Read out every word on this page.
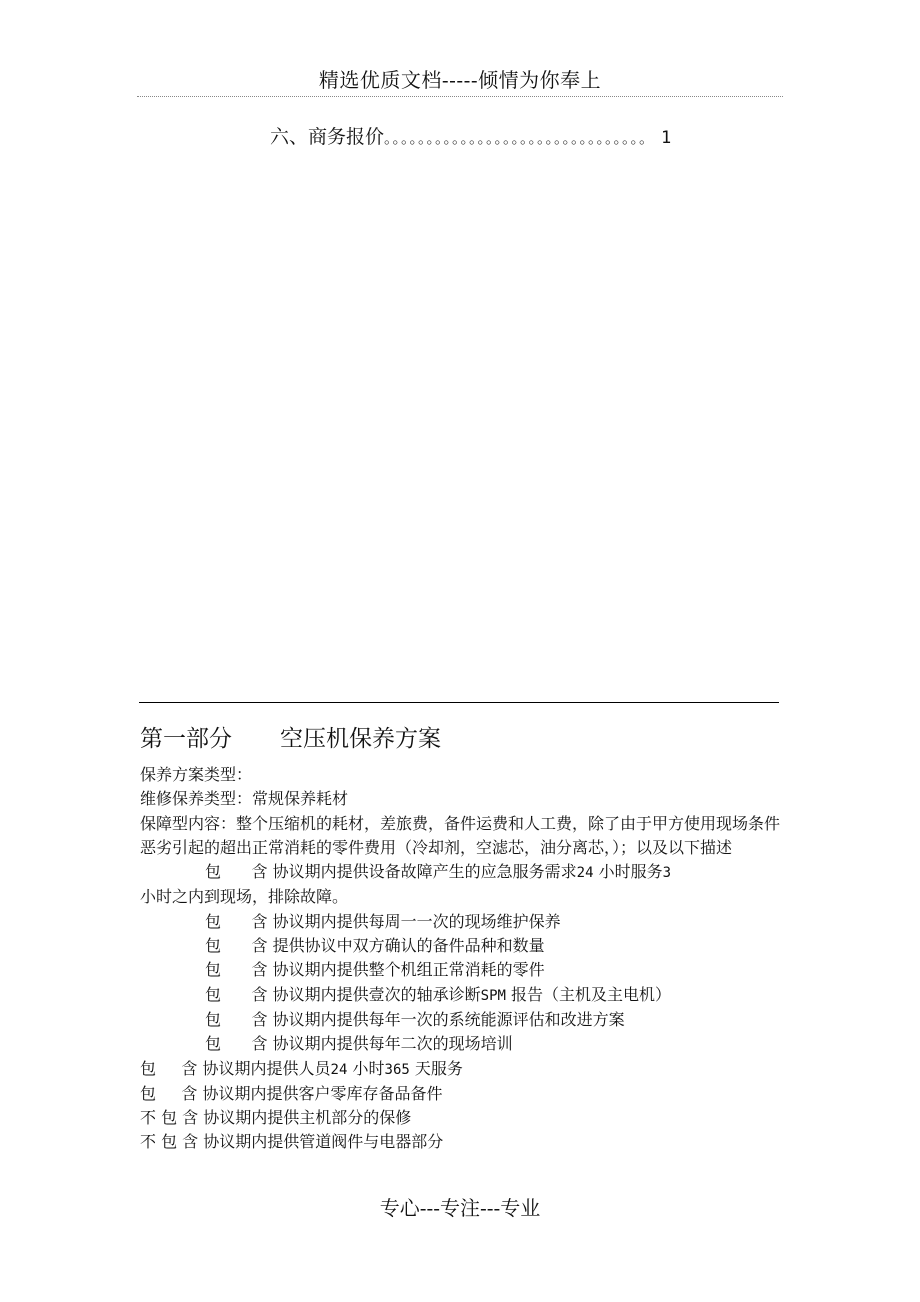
精选优质文档-----倾情为你奉上
六、商务报价。。。。。。。。。。。。。。。。。。。。。。。。。。。。。。。 1
第一部分 空压机保养方案

保养方案类型：

维修保养类型：常规保养耗材

保障型内容：整个压缩机的耗材，差旅费，备件运费和人工费，除了由于甲方使用现场条件恶劣引起的超出正常消耗的零件费用（冷却剂，空滤芯，油分离芯，）；以及以下描述

包      含 协议期内提供设备故障产生的应急服务需求24 小时服务3

小时之内到现场，排除故障。

包      含 协议期内提供每周一一次的现场维护保养

包      含 提供协议中双方确认的备件品种和数量

包      含 协议期内提供整个机组正常消耗的零件

包      含 协议期内提供壹次的轴承诊断SPM 报告（主机及主电机）

包      含 协议期内提供每年一次的系统能源评估和改进方案

包      含 协议期内提供每年二次的现场培训

包     含 协议期内提供人员24 小时365 天服务

包     含 协议期内提供客户零库存备品备件

不 包 含 协议期内提供主机部分的保修

不 包 含 协议期内提供管道阀件与电器部分

专心---专注---专业
